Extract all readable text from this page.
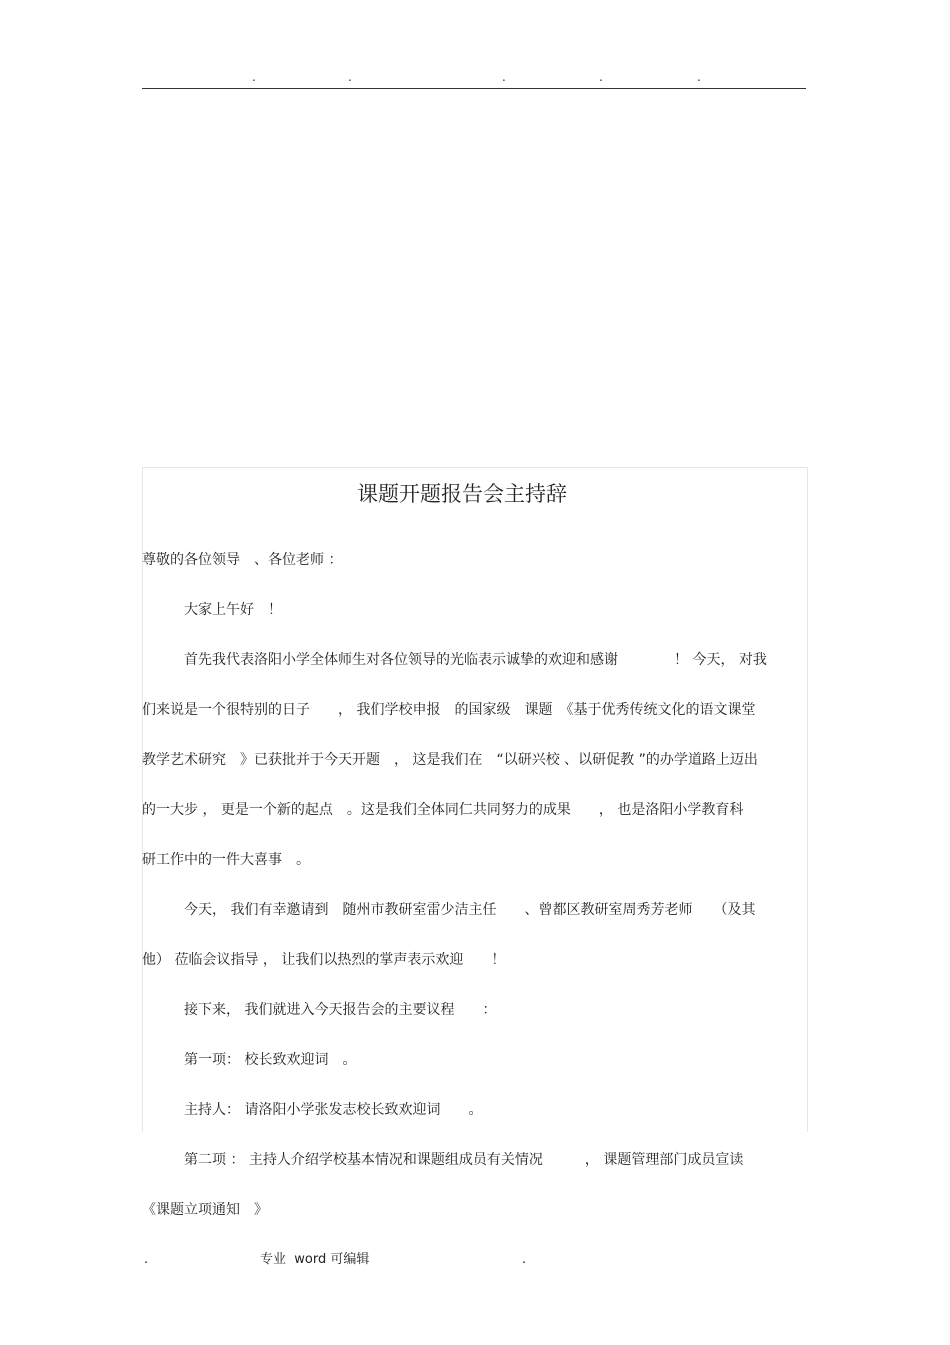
.	.	.	.	.
课题开题报告会主持辞
尊敬的各位领导　、各位老师 ：
　　　大家上午好　！
　　　首先我代表洛阳小学全体师生对各位领导的光临表示诚挚的欢迎和感谢　　　　！ 今天， 对我
们来说是一个很特别的日子　　， 我们学校申报　的国家级　课题　《基于优秀传统文化的语文课堂
教学艺术研究　》已获批并于今天开题　， 这是我们在　“以研兴校 、以研促教 ”的办学道路上迈出
的一大步 ， 更是一个新的起点　。这是我们全体同仁共同努力的成果　　， 也是洛阳小学教育科
研工作中的一件大喜事　。
　　　今天， 我们有幸邀请到　随州市教研室雷少洁主任　　、曾都区教研室周秀芳老师　　（及其
他） 莅临会议指导 ， 让我们以热烈的掌声表示欢迎　　！
　　　接下来， 我们就进入今天报告会的主要议程　　：
　　　第一项： 校长致欢迎词　。
　　　主持人： 请洛阳小学张发志校长致欢迎词　　。
　　　第二项 ： 主持人介绍学校基本情况和课题组成员有关情况　　　， 课题管理部门成员宣读
《课题立项通知　》
.	专业  word 可编辑	.
